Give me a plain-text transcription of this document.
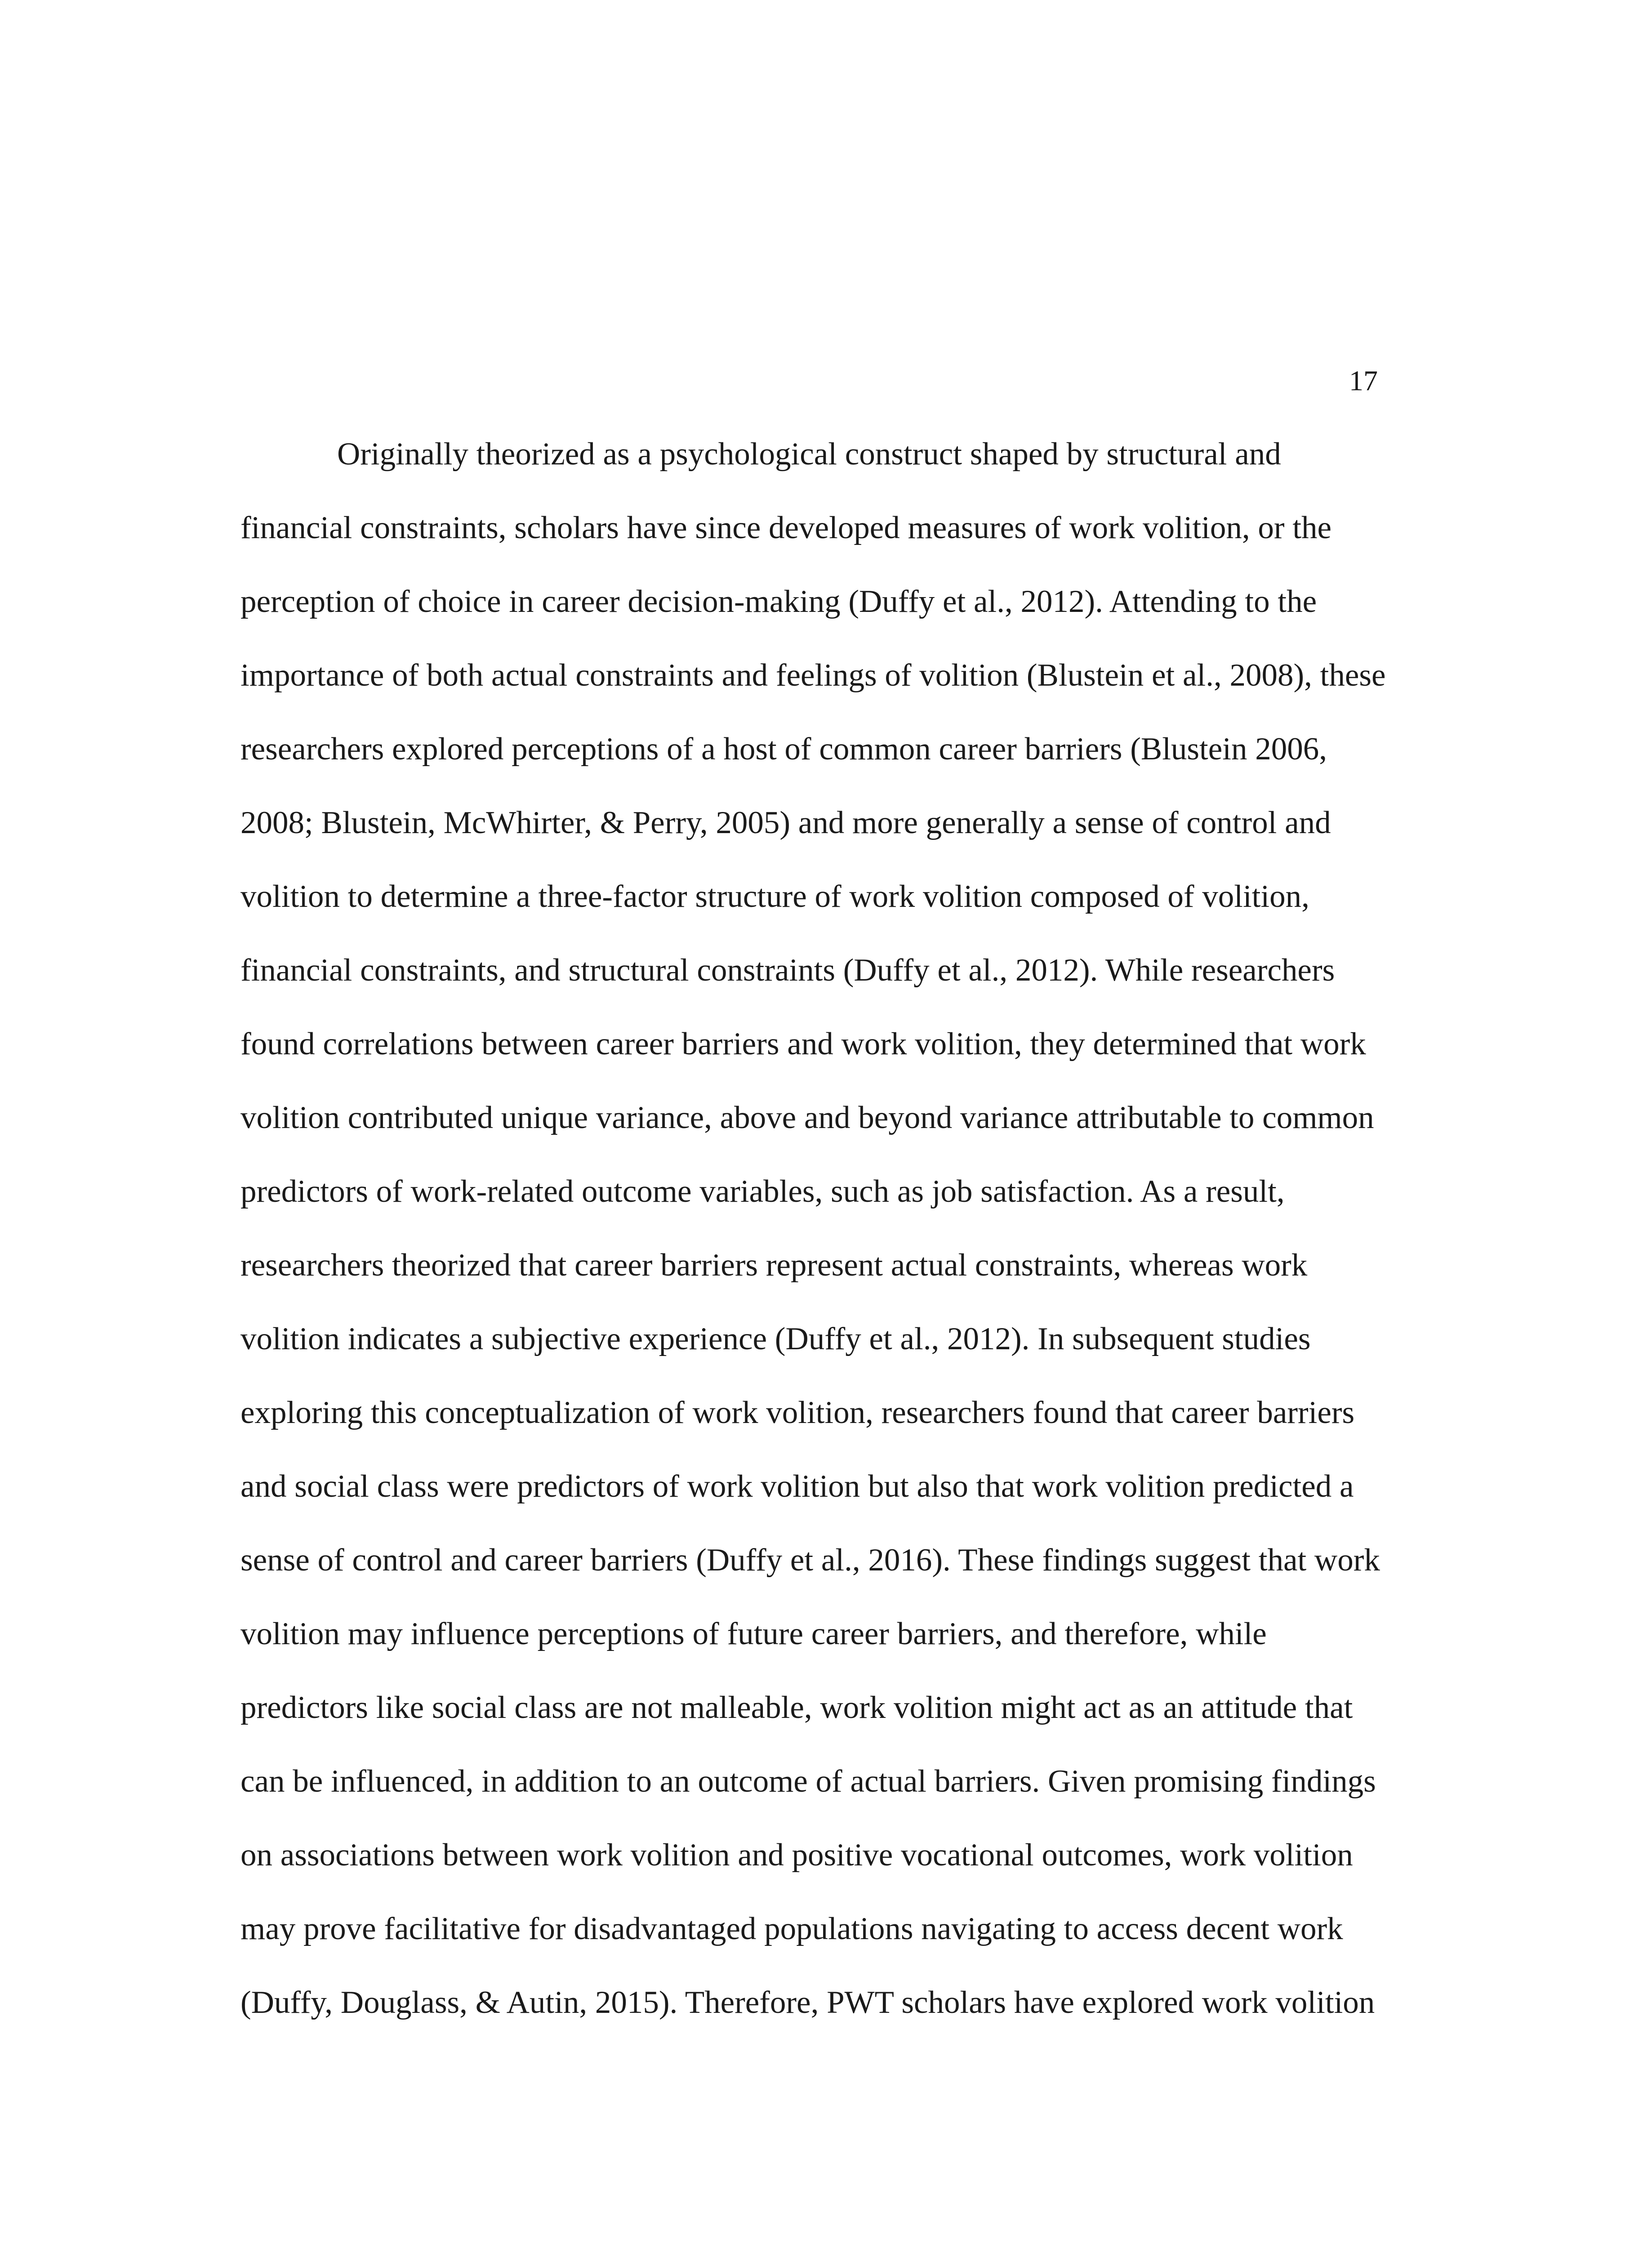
17
Originally theorized as a psychological construct shaped by structural and
financial constraints, scholars have since developed measures of work volition, or the
perception of choice in career decision-making (Duffy et al., 2012). Attending to the
importance of both actual constraints and feelings of volition (Blustein et al., 2008), these
researchers explored perceptions of a host of common career barriers (Blustein 2006,
2008; Blustein, McWhirter, & Perry, 2005) and more generally a sense of control and
volition to determine a three-factor structure of work volition composed of volition,
financial constraints, and structural constraints (Duffy et al., 2012). While researchers
found correlations between career barriers and work volition, they determined that work
volition contributed unique variance, above and beyond variance attributable to common
predictors of work-related outcome variables, such as job satisfaction. As a result,
researchers theorized that career barriers represent actual constraints, whereas work
volition indicates a subjective experience (Duffy et al., 2012). In subsequent studies
exploring this conceptualization of work volition, researchers found that career barriers
and social class were predictors of work volition but also that work volition predicted a
sense of control and career barriers (Duffy et al., 2016). These findings suggest that work
volition may influence perceptions of future career barriers, and therefore, while
predictors like social class are not malleable, work volition might act as an attitude that
can be influenced, in addition to an outcome of actual barriers. Given promising findings
on associations between work volition and positive vocational outcomes, work volition
may prove facilitative for disadvantaged populations navigating to access decent work
(Duffy, Douglass, & Autin, 2015). Therefore, PWT scholars have explored work volition
